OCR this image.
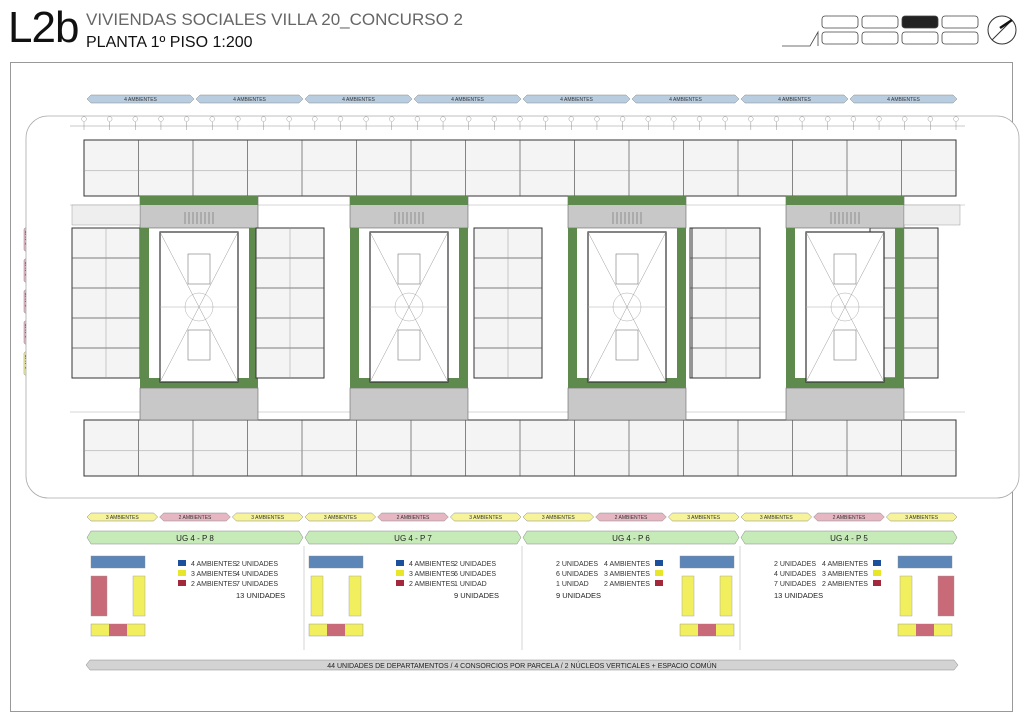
L2b VIVIENDAS SOCIALES VILLA 20_CONCURSO 2
PLANTA 1º PISO 1:200
4 AMBIENTES	4 AMBIENTES	4 AMBIENTES	4 AMBIENTES	4 AMBIENTES	4 AMBIENTES	4 AMBIENTES	4 AMBIENTES
3 AMBIENTES	2 AMBIENTES	3 AMBIENTES	3 AMBIENTES	2 AMBIENTES	3 AMBIENTES	3 AMBIENTES	2 AMBIENTES	3 AMBIENTES	3 AMBIENTES	2 AMBIENTES	3 AMBIENTES
UG 4 - P 8
4 AMBIENTES 2 UNIDADES
3 AMBIENTES 4 UNIDADES
2 AMBIENTES 7 UNIDADES
13 UNIDADES
UG 4 - P 7
4 AMBIENTES 2 UNIDADES
3 AMBIENTES 6 UNIDADES
2 AMBIENTES 1 UNIDAD
9 UNIDADES
UG 4 - P 6
2 UNIDADES 4 AMBIENTES
6 UNIDADES 3 AMBIENTES
1 UNIDAD 2 AMBIENTES
9 UNIDADES
UG 4 - P 5
2 UNIDADES 4 AMBIENTES
4 UNIDADES 3 AMBIENTES
7 UNIDADES 2 AMBIENTES
13 UNIDADES
44 UNIDADES DE DEPARTAMENTOS / 4 CONSORCIOS POR PARCELA / 2 NÚCLEOS VERTICALES + ESPACIO COMÚN
